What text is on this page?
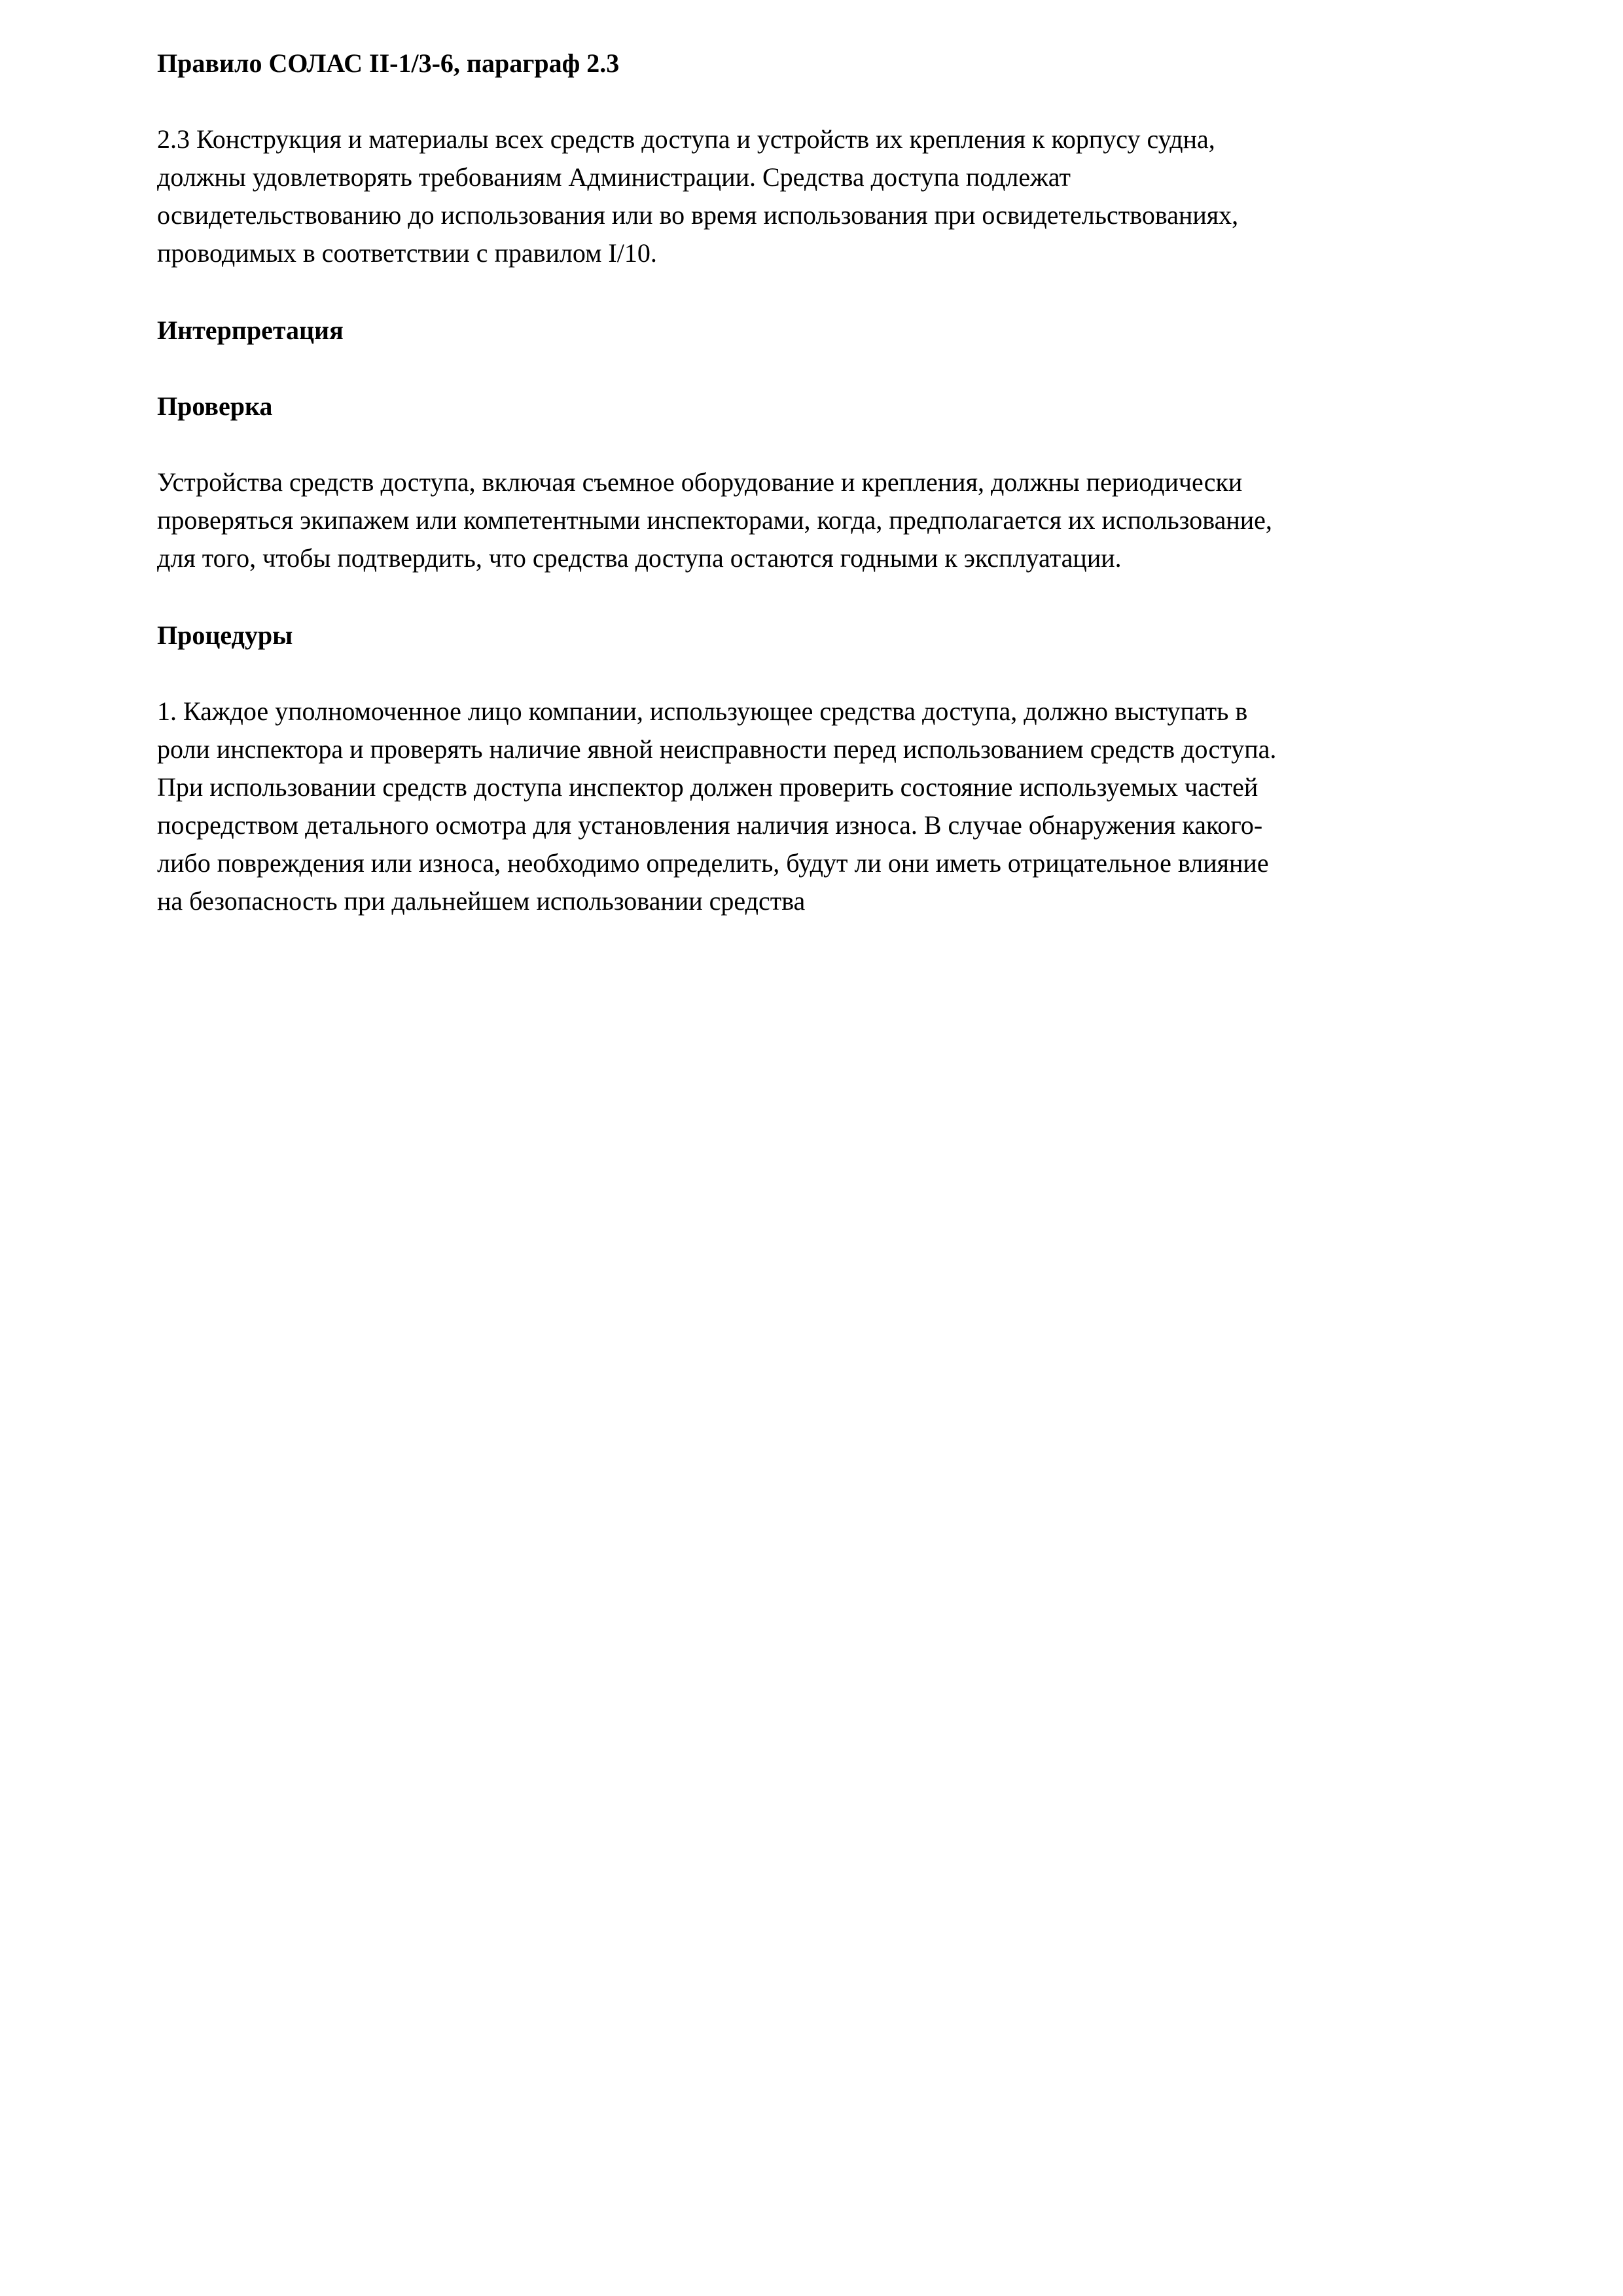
Правило СОЛАС II-1/3-6, параграф 2.3

2.3 Конструкция и материалы всех средств доступа и устройств их крепления к корпусу судна,
должны удовлетворять требованиям Администрации. Средства доступа подлежат
освидетельствованию до использования или во время использования при освидетельствованиях,
проводимых в соответствии с правилом I/10.

Интерпретация
Проверка

Устройства средств доступа, включая съемное оборудование и крепления, должны периодически
проверяться экипажем или компетентными инспекторами, когда, предполагается их использование,
для того, чтобы подтвердить, что средства доступа остаются годными к эксплуатации.

Процедуры

1. Каждое уполномоченное лицо компании, использующее средства доступа, должно выступать в
роли инспектора и проверять наличие явной неисправности перед использованием средств доступа.
При использовании средств доступа инспектор должен проверить состояние используемых частей
посредством детального осмотра для установления наличия износа. В случае обнаружения какого-
либо повреждения или износа, необходимо определить, будут ли они иметь отрицательное влияние
на безопасность при дальнейшем использовании средства
